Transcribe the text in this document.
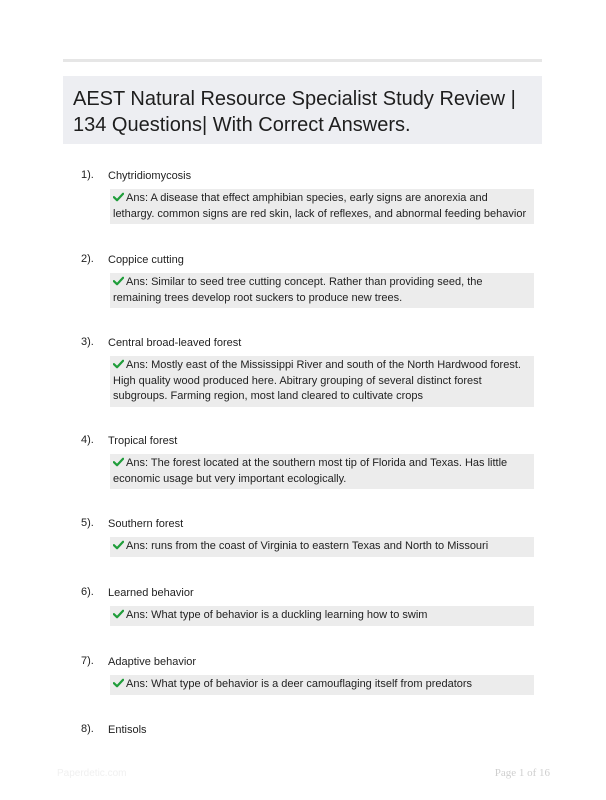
AEST Natural Resource Specialist Study Review | 134 Questions| With Correct Answers.
1). Chytridiomycosis
Ans: A disease that effect amphibian species, early signs are anorexia and lethargy. common signs are red skin, lack of reflexes, and abnormal feeding behavior
2). Coppice cutting
Ans: Similar to seed tree cutting concept. Rather than providing seed, the remaining trees develop root suckers to produce new trees.
3). Central broad-leaved forest
Ans: Mostly east of the Mississippi River and south of the North Hardwood forest. High quality wood produced here. Abitrary grouping of several distinct forest subgroups. Farming region, most land cleared to cultivate crops
4). Tropical forest
Ans: The forest located at the southern most tip of Florida and Texas. Has little economic usage but very important ecologically.
5). Southern forest
Ans: runs from the coast of Virginia to eastern Texas and North to Missouri
6). Learned behavior
Ans: What type of behavior is a duckling learning how to swim
7). Adaptive behavior
Ans: What type of behavior is a deer camouflaging itself from predators
8). Entisols
Paperdetic.com	Page 1 of 16
